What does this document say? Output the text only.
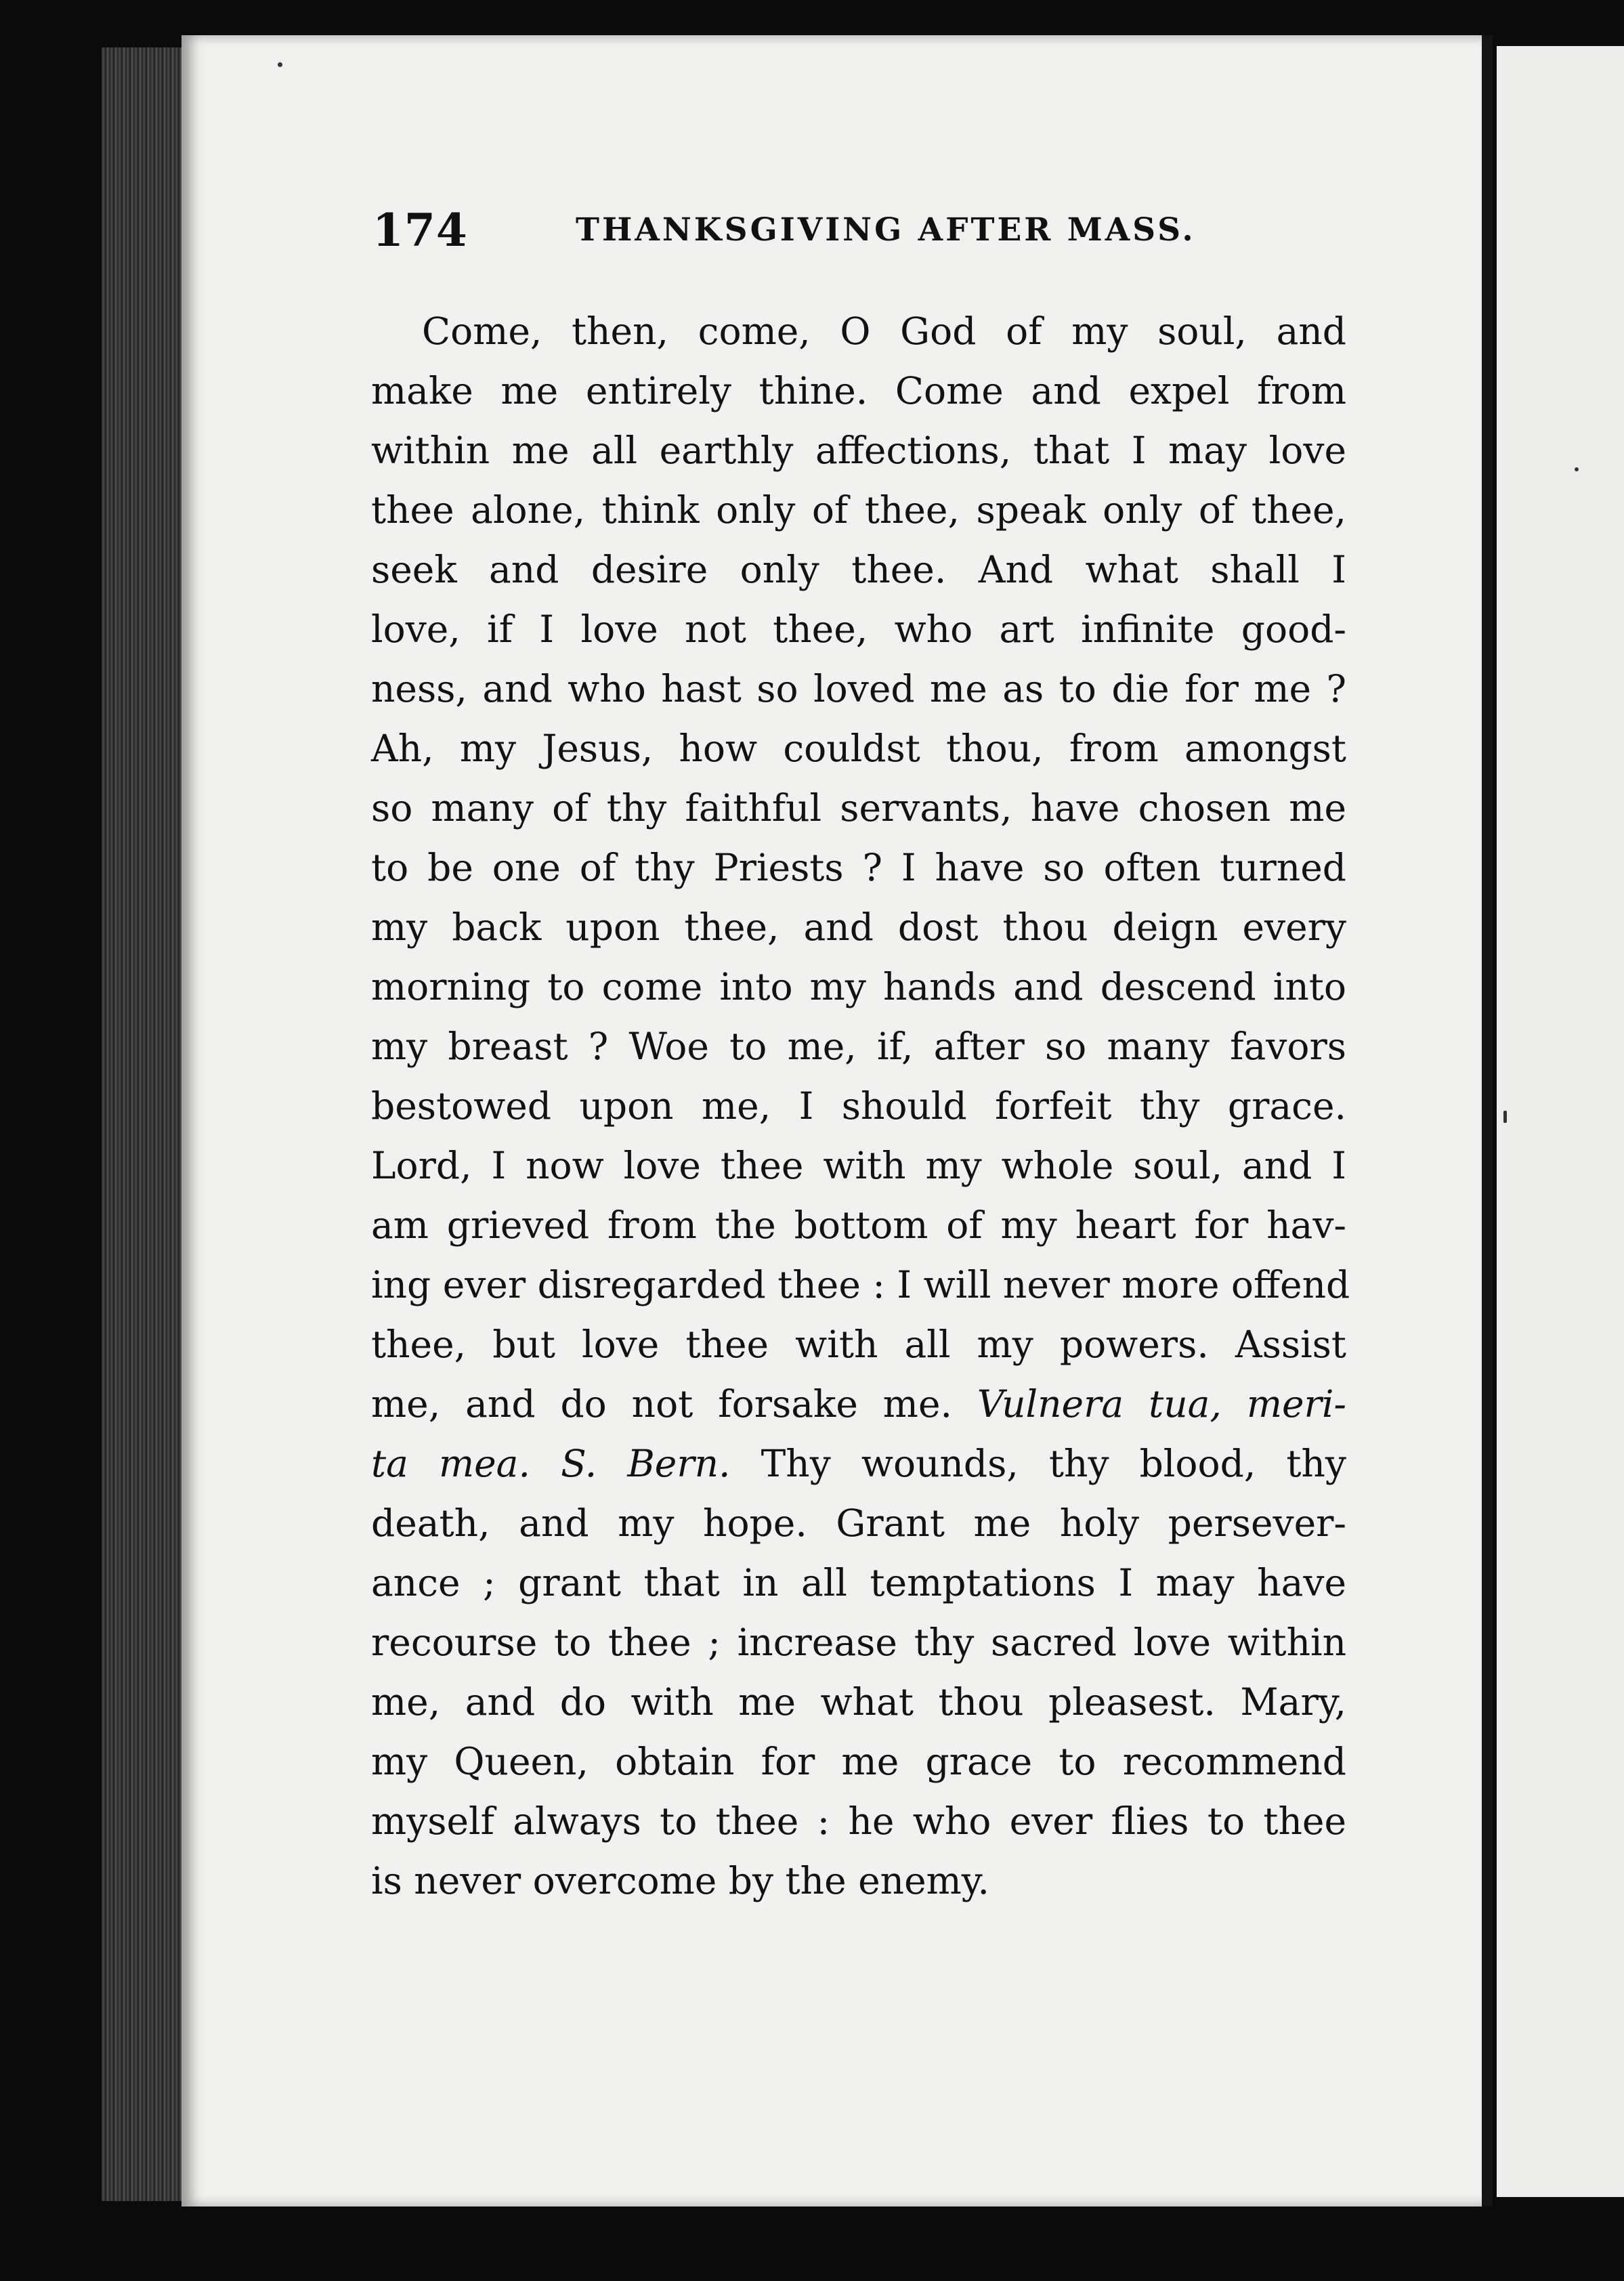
174	THANKSGIVING AFTER MASS.
Come, then, come, O God of my soul, and
make me entirely thine. Come and expel from
within me all earthly affections, that I may love
thee alone, think only of thee, speak only of thee,
seek and desire only thee. And what shall I
love, if I love not thee, who art infinite good-
ness, and who hast so loved me as to die for me ?
Ah, my Jesus, how couldst thou, from amongst
so many of thy faithful servants, have chosen me
to be one of thy Priests ? I have so often turned
my back upon thee, and dost thou deign every
morning to come into my hands and descend into
my breast ? Woe to me, if, after so many favors
bestowed upon me, I should forfeit thy grace.
Lord, I now love thee with my whole soul, and I
am grieved from the bottom of my heart for hav-
ing ever disregarded thee : I will never more offend
thee, but love thee with all my powers. Assist
me, and do not forsake me. Vulnera tua, meri-
ta mea. S. Bern. Thy wounds, thy blood, thy
death, and my hope. Grant me holy persever-
ance ; grant that in all temptations I may have
recourse to thee ; increase thy sacred love within
me, and do with me what thou pleasest. Mary,
my Queen, obtain for me grace to recommend
myself always to thee : he who ever flies to thee
is never overcome by the enemy.
